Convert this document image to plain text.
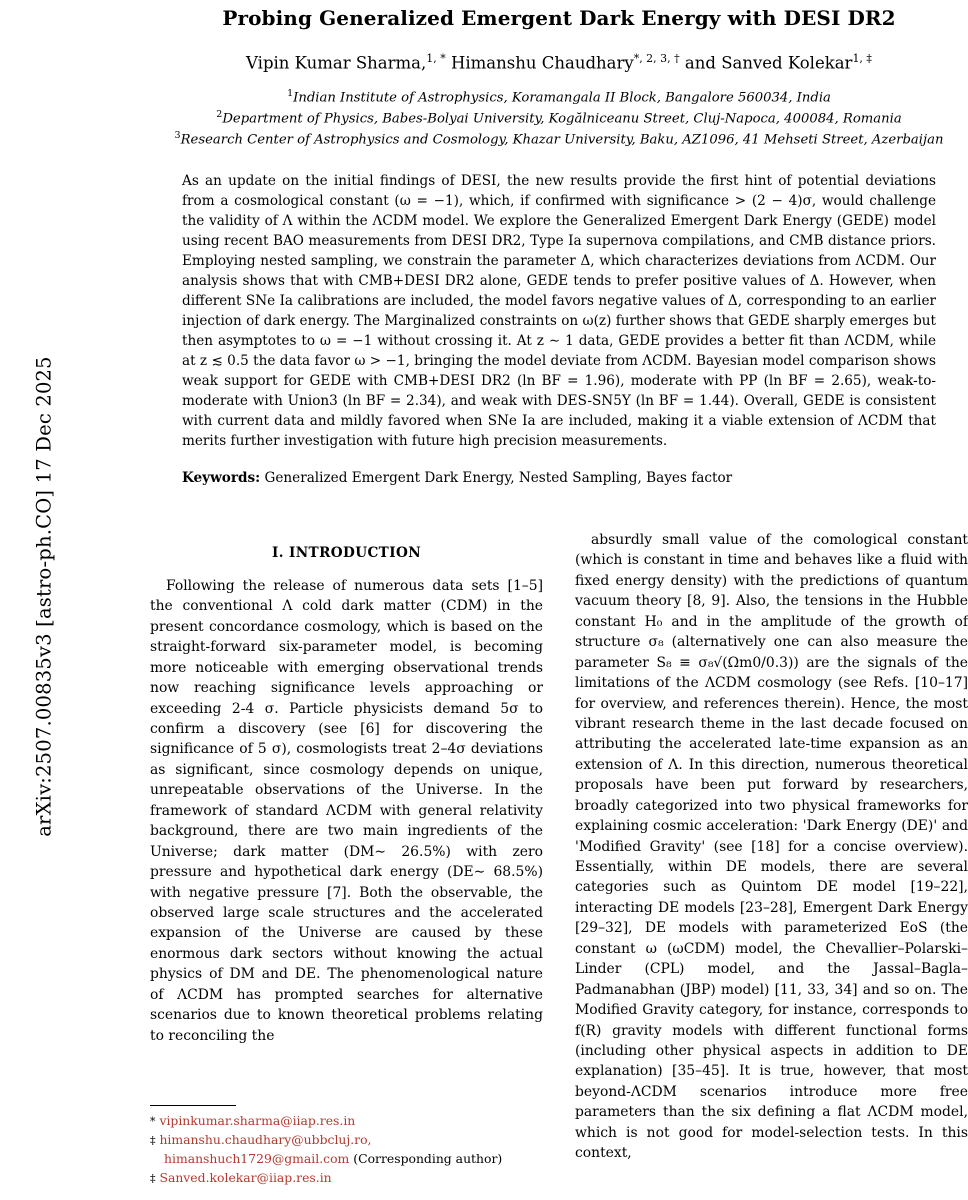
arXiv:2507.00835v3 [astro-ph.CO] 17 Dec 2025
Probing Generalized Emergent Dark Energy with DESI DR2
Vipin Kumar Sharma,$^{1, *}$ Himanshu Chaudhary$^{*, 2, 3, \dagger}$ and Sanved Kolekar$^{1, \ddagger}$
$^1$Indian Institute of Astrophysics, Koramangala II Block, Bangalore 560034, India
$^2$Department of Physics, Babes-Bolyai University, Kogălniceanu Street, Cluj-Napoca, 400084, Romania
$^3$Research Center of Astrophysics and Cosmology, Khazar University, Baku, AZ1096, 41 Mehseti Street, Azerbaijan
As an update on the initial findings of DESI, the new results provide the first hint of potential deviations from a cosmological constant (ω = −1), which, if confirmed with significance > (2 − 4)σ, would challenge the validity of Λ within the ΛCDM model. We explore the Generalized Emergent Dark Energy (GEDE) model using recent BAO measurements from DESI DR2, Type Ia supernova compilations, and CMB distance priors. Employing nested sampling, we constrain the parameter Δ, which characterizes deviations from ΛCDM. Our analysis shows that with CMB+DESI DR2 alone, GEDE tends to prefer positive values of Δ. However, when different SNe Ia calibrations are included, the model favors negative values of Δ, corresponding to an earlier injection of dark energy. The Marginalized constraints on ω(z) further shows that GEDE sharply emerges but then asymptotes to ω = −1 without crossing it. At z ∼ 1 data, GEDE provides a better fit than ΛCDM, while at z ≲ 0.5 the data favor ω > −1, bringing the model deviate from ΛCDM. Bayesian model comparison shows weak support for GEDE with CMB+DESI DR2 (ln BF = 1.96), moderate with PP (ln BF = 2.65), weak-to-moderate with Union3 (ln BF = 2.34), and weak with DES-SN5Y (ln BF = 1.44). Overall, GEDE is consistent with current data and mildly favored when SNe Ia are included, making it a viable extension of ΛCDM that merits further investigation with future high precision measurements.
Keywords: Generalized Emergent Dark Energy, Nested Sampling, Bayes factor
I. INTRODUCTION

Following the release of numerous data sets [1–5] the conventional Λ cold dark matter (CDM) in the present concordance cosmology, which is based on the straight-forward six-parameter model, is becoming more noticeable with emerging observational trends now reaching significance levels approaching or exceeding 2-4 σ. Particle physicists demand 5σ to confirm a discovery (see [6] for discovering the significance of 5 σ), cosmologists treat 2–4σ deviations as significant, since cosmology depends on unique, unrepeatable observations of the Universe. In the framework of standard ΛCDM with general relativity background, there are two main ingredients of the Universe; dark matter (DM∼ 26.5%) with zero pressure and hypothetical dark energy (DE∼ 68.5%) with negative pressure [7]. Both the observable, the observed large scale structures and the accelerated expansion of the Universe are caused by these enormous dark sectors without knowing the actual physics of DM and DE. The phenomenological nature of ΛCDM has prompted searches for alternative scenarios due to known theoretical problems relating to reconciling the

absurdly small value of the comological constant (which is constant in time and behaves like a fluid with fixed energy density) with the predictions of quantum vacuum theory [8, 9]. Also, the tensions in the Hubble constant H₀ and in the amplitude of the growth of structure σ₈ (alternatively one can also measure the parameter S₈ ≡ σ₈√(Ωm0/0.3)) are the signals of the limitations of the ΛCDM cosmology (see Refs. [10–17] for overview, and references therein). Hence, the most vibrant research theme in the last decade focused on attributing the accelerated late-time expansion as an extension of Λ. In this direction, numerous theoretical proposals have been put forward by researchers, broadly categorized into two physical frameworks for explaining cosmic acceleration: 'Dark Energy (DE)' and 'Modified Gravity' (see [18] for a concise overview). Essentially, within DE models, there are several categories such as Quintom DE model [19–22], interacting DE models [23–28], Emergent Dark Energy [29–32], DE models with parameterized EoS (the constant ω (ωCDM) model, the Chevallier–Polarski–Linder (CPL) model, and the Jassal–Bagla–Padmanabhan (JBP) model) [11, 33, 34] and so on. The Modified Gravity category, for instance, corresponds to f(R) gravity models with different functional forms (including other physical aspects in addition to DE explanation) [35–45]. It is true, however, that most beyond-ΛCDM scenarios introduce more free parameters than the six defining a flat ΛCDM model, which is not good for model-selection tests. In this context,

* vipinkumar.sharma@iiap.res.in

‡ himanshu.chaudhary@ubbcluj.ro,

himanshuch1729@gmail.com (Corresponding author)

‡ Sanved.kolekar@iiap.res.in
